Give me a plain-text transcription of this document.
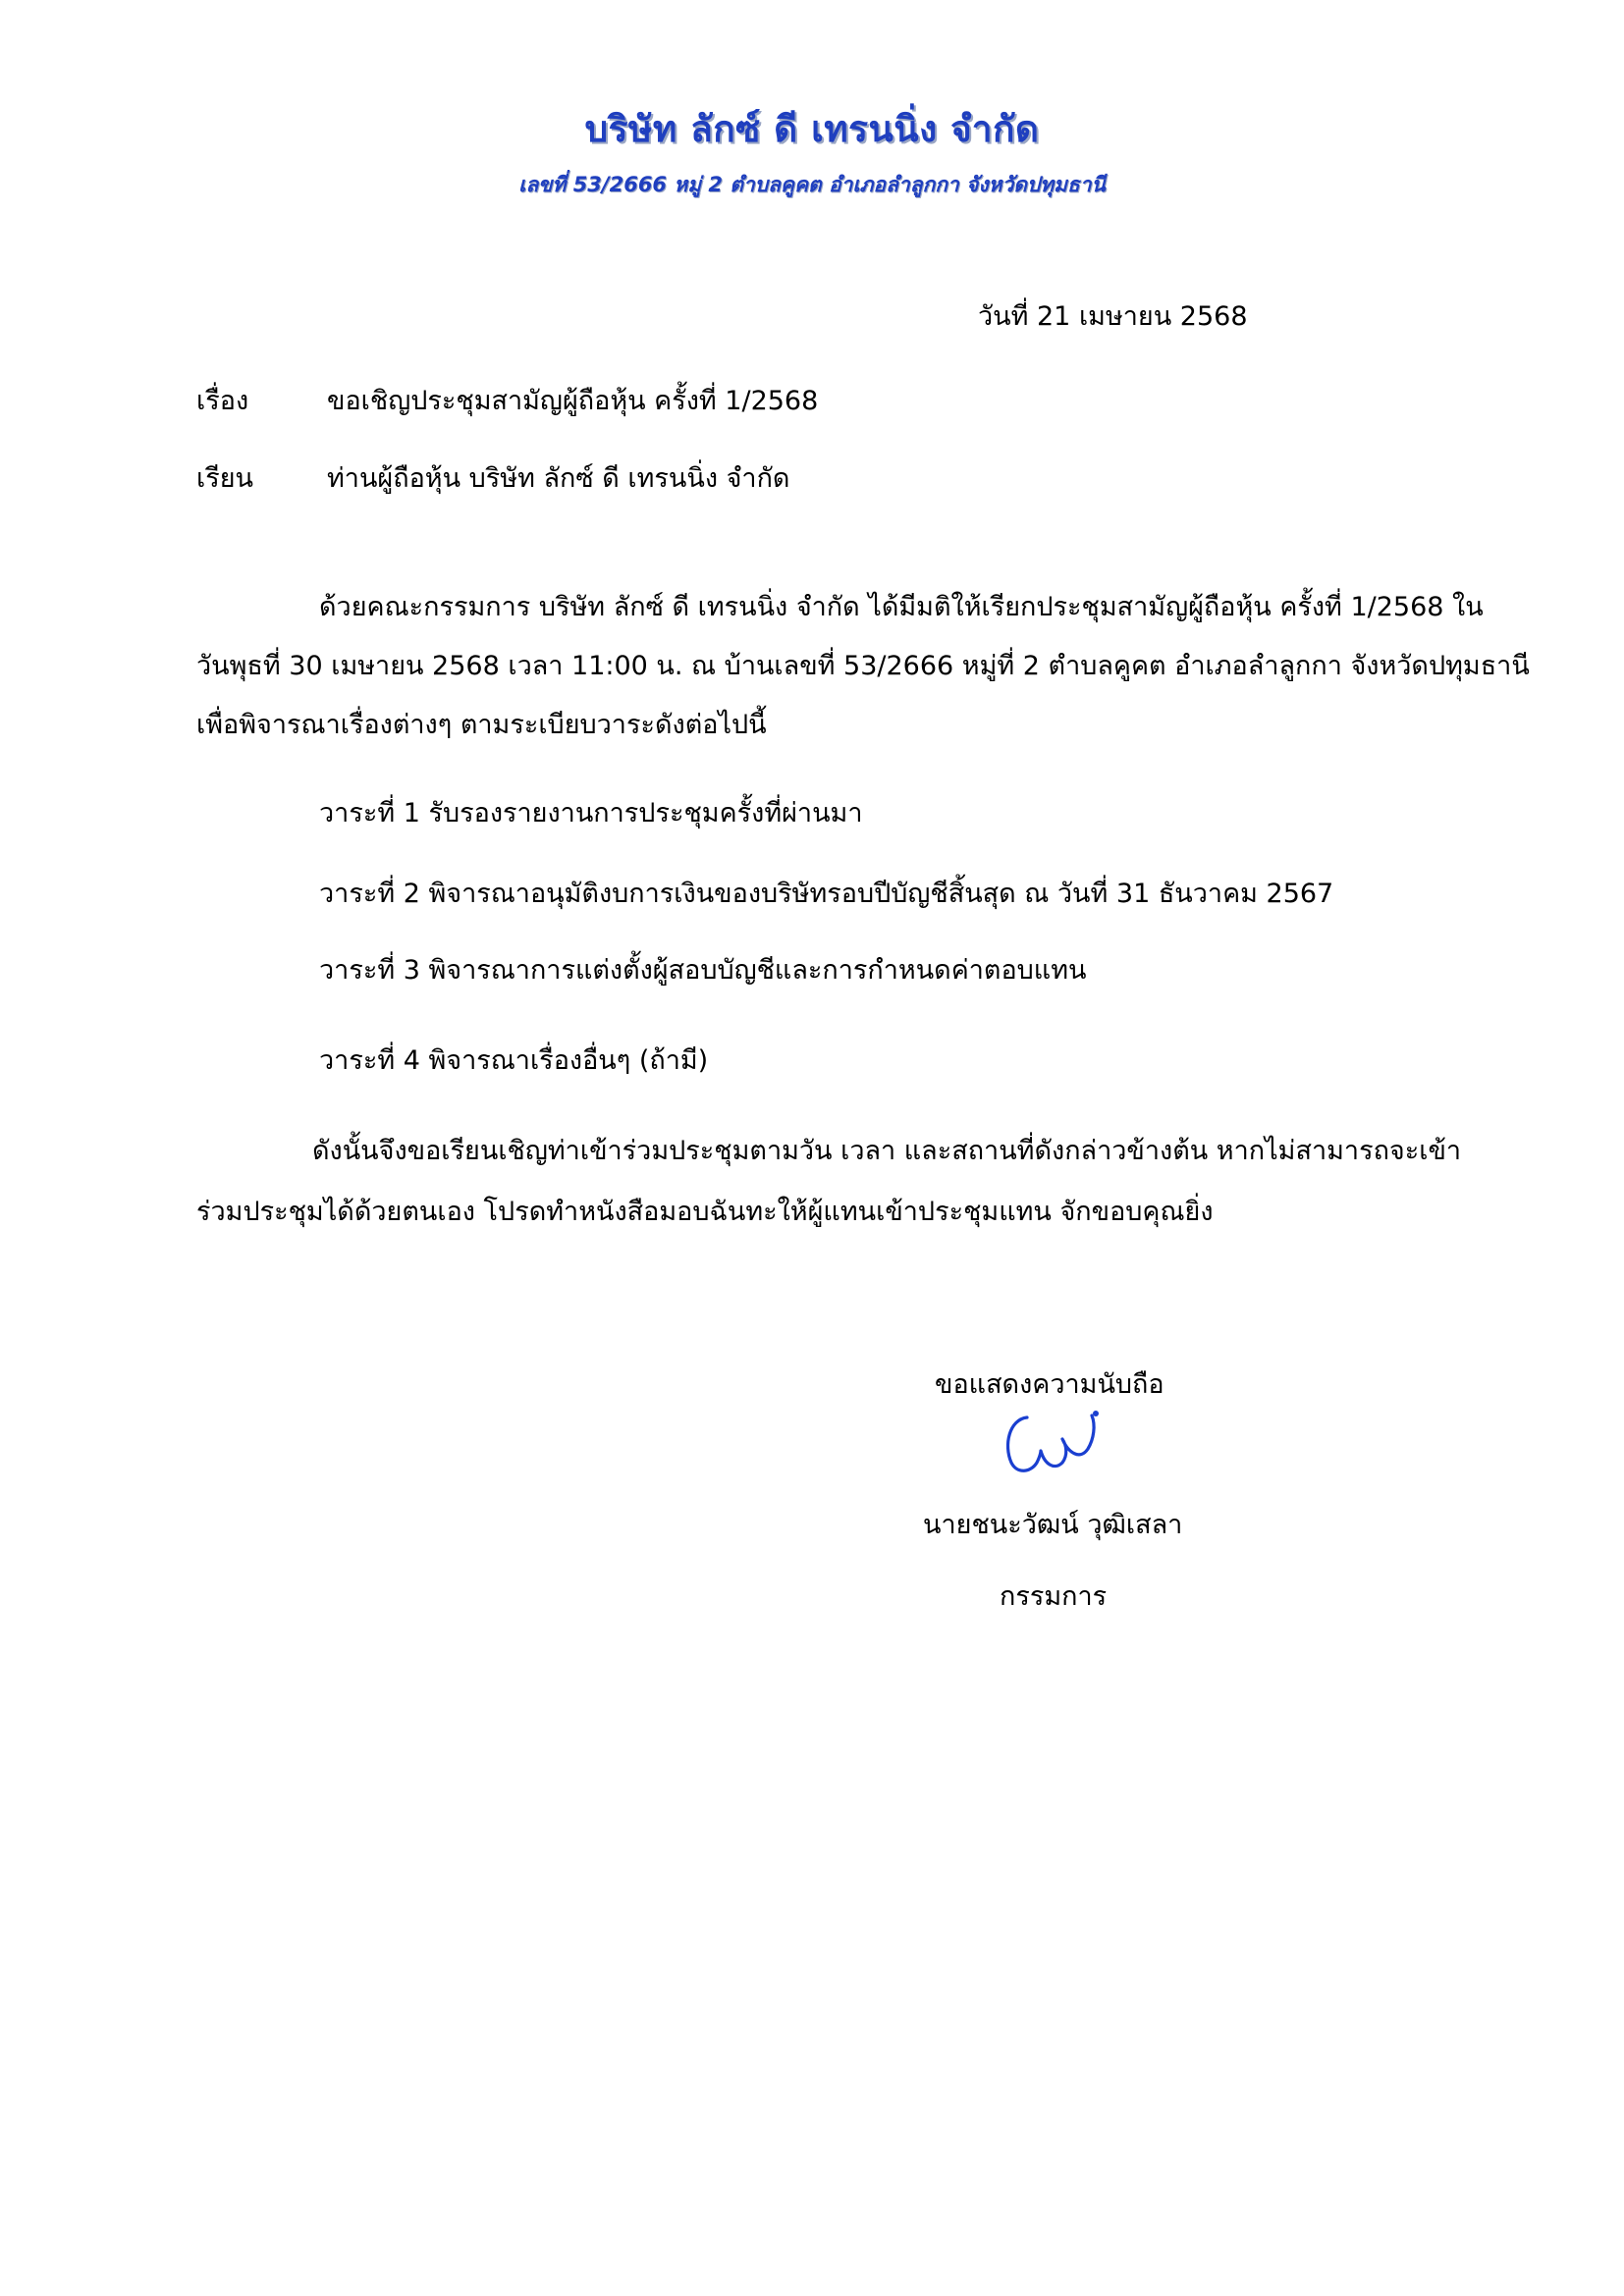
บริษัท ลักซ์ ดี เทรนนิ่ง จำกัด
เลขที่ 53/2666 หมู่ 2 ตำบลคูคต อำเภอลำลูกกา จังหวัดปทุมธานี
วันที่ 21 เมษายน 2568
เรื่อง	ขอเชิญประชุมสามัญผู้ถือหุ้น ครั้งที่ 1/2568
เรียน	ท่านผู้ถือหุ้น บริษัท ลักซ์ ดี เทรนนิ่ง จำกัด
ด้วยคณะกรรมการ บริษัท ลักซ์ ดี เทรนนิ่ง จำกัด ได้มีมติให้เรียกประชุมสามัญผู้ถือหุ้น ครั้งที่ 1/2568 ใน
วันพุธที่ 30 เมษายน 2568 เวลา 11:00 น. ณ บ้านเลขที่ 53/2666 หมู่ที่ 2 ตำบลคูคต อำเภอลำลูกกา จังหวัดปทุมธานี
เพื่อพิจารณาเรื่องต่างๆ ตามระเบียบวาระดังต่อไปนี้
วาระที่ 1 รับรองรายงานการประชุมครั้งที่ผ่านมา
วาระที่ 2 พิจารณาอนุมัติงบการเงินของบริษัทรอบปีบัญชีสิ้นสุด ณ วันที่ 31 ธันวาคม 2567
วาระที่ 3 พิจารณาการแต่งตั้งผู้สอบบัญชีและการกำหนดค่าตอบแทน
วาระที่ 4 พิจารณาเรื่องอื่นๆ (ถ้ามี)
ดังนั้นจึงขอเรียนเชิญท่าเข้าร่วมประชุมตามวัน เวลา และสถานที่ดังกล่าวข้างต้น หากไม่สามารถจะเข้า
ร่วมประชุมได้ด้วยตนเอง โปรดทำหนังสือมอบฉันทะให้ผู้แทนเข้าประชุมแทน จักขอบคุณยิ่ง
ขอแสดงความนับถือ
นายชนะวัฒน์ วุฒิเสลา
กรรมการ
